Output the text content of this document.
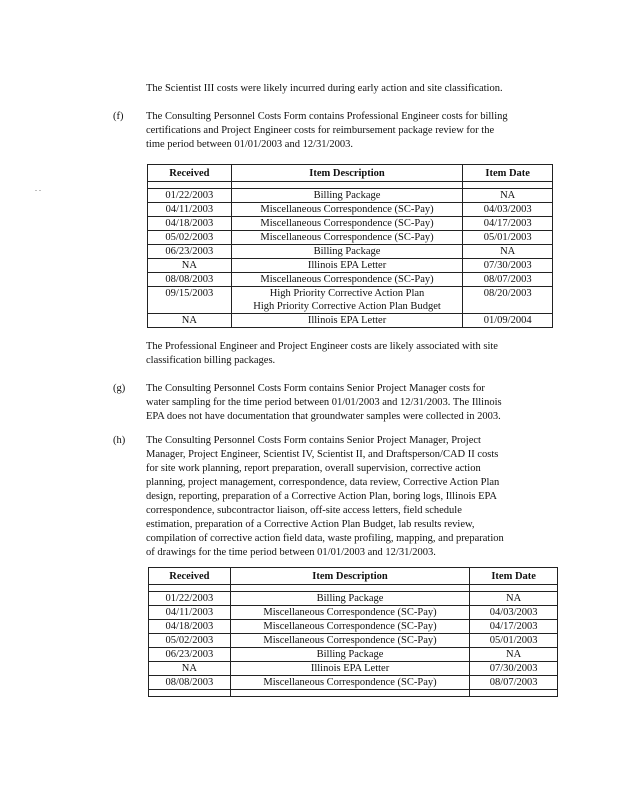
. .
The Scientist III costs were likely incurred during early action and site classification.
(f) The Consulting Personnel Costs Form contains Professional Engineer costs for billing
certifications and Project Engineer costs for reimbursement package review for the
time period between 01/01/2003 and 12/31/2003.
Received	Item Description	Item Date

01/22/2003	Billing Package	NA
04/11/2003	Miscellaneous Correspondence (SC-Pay)	04/03/2003
04/18/2003	Miscellaneous Correspondence (SC-Pay)	04/17/2003
05/02/2003	Miscellaneous Correspondence (SC-Pay)	05/01/2003
06/23/2003	Billing Package	NA
NA	Illinois EPA Letter	07/30/2003
08/08/2003	Miscellaneous Correspondence (SC-Pay)	08/07/2003
09/15/2003	High Priority Corrective Action Plan
High Priority Corrective Action Plan Budget	08/20/2003
NA	Illinois EPA Letter	01/09/2004
The Professional Engineer and Project Engineer costs are likely associated with site
classification billing packages.
(g) The Consulting Personnel Costs Form contains Senior Project Manager costs for
water sampling for the time period between 01/01/2003 and 12/31/2003. The Illinois
EPA does not have documentation that groundwater samples were collected in 2003.
(h) The Consulting Personnel Costs Form contains Senior Project Manager, Project
Manager, Project Engineer, Scientist IV, Scientist II, and Draftsperson/CAD II costs
for site work planning, report preparation, overall supervision, corrective action
planning, project management, correspondence, data review, Corrective Action Plan
design, reporting, preparation of a Corrective Action Plan, boring logs, Illinois EPA
correspondence, subcontractor liaison, off-site access letters, field schedule
estimation, preparation of a Corrective Action Plan Budget, lab results review,
compilation of corrective action field data, waste profiling, mapping, and preparation
of drawings for the time period between 01/01/2003 and 12/31/2003.
Received	Item Description	Item Date

01/22/2003	Billing Package	NA
04/11/2003	Miscellaneous Correspondence (SC-Pay)	04/03/2003
04/18/2003	Miscellaneous Correspondence (SC-Pay)	04/17/2003
05/02/2003	Miscellaneous Correspondence (SC-Pay)	05/01/2003
06/23/2003	Billing Package	NA
NA	Illinois EPA Letter	07/30/2003
08/08/2003	Miscellaneous Correspondence (SC-Pay)	08/07/2003
